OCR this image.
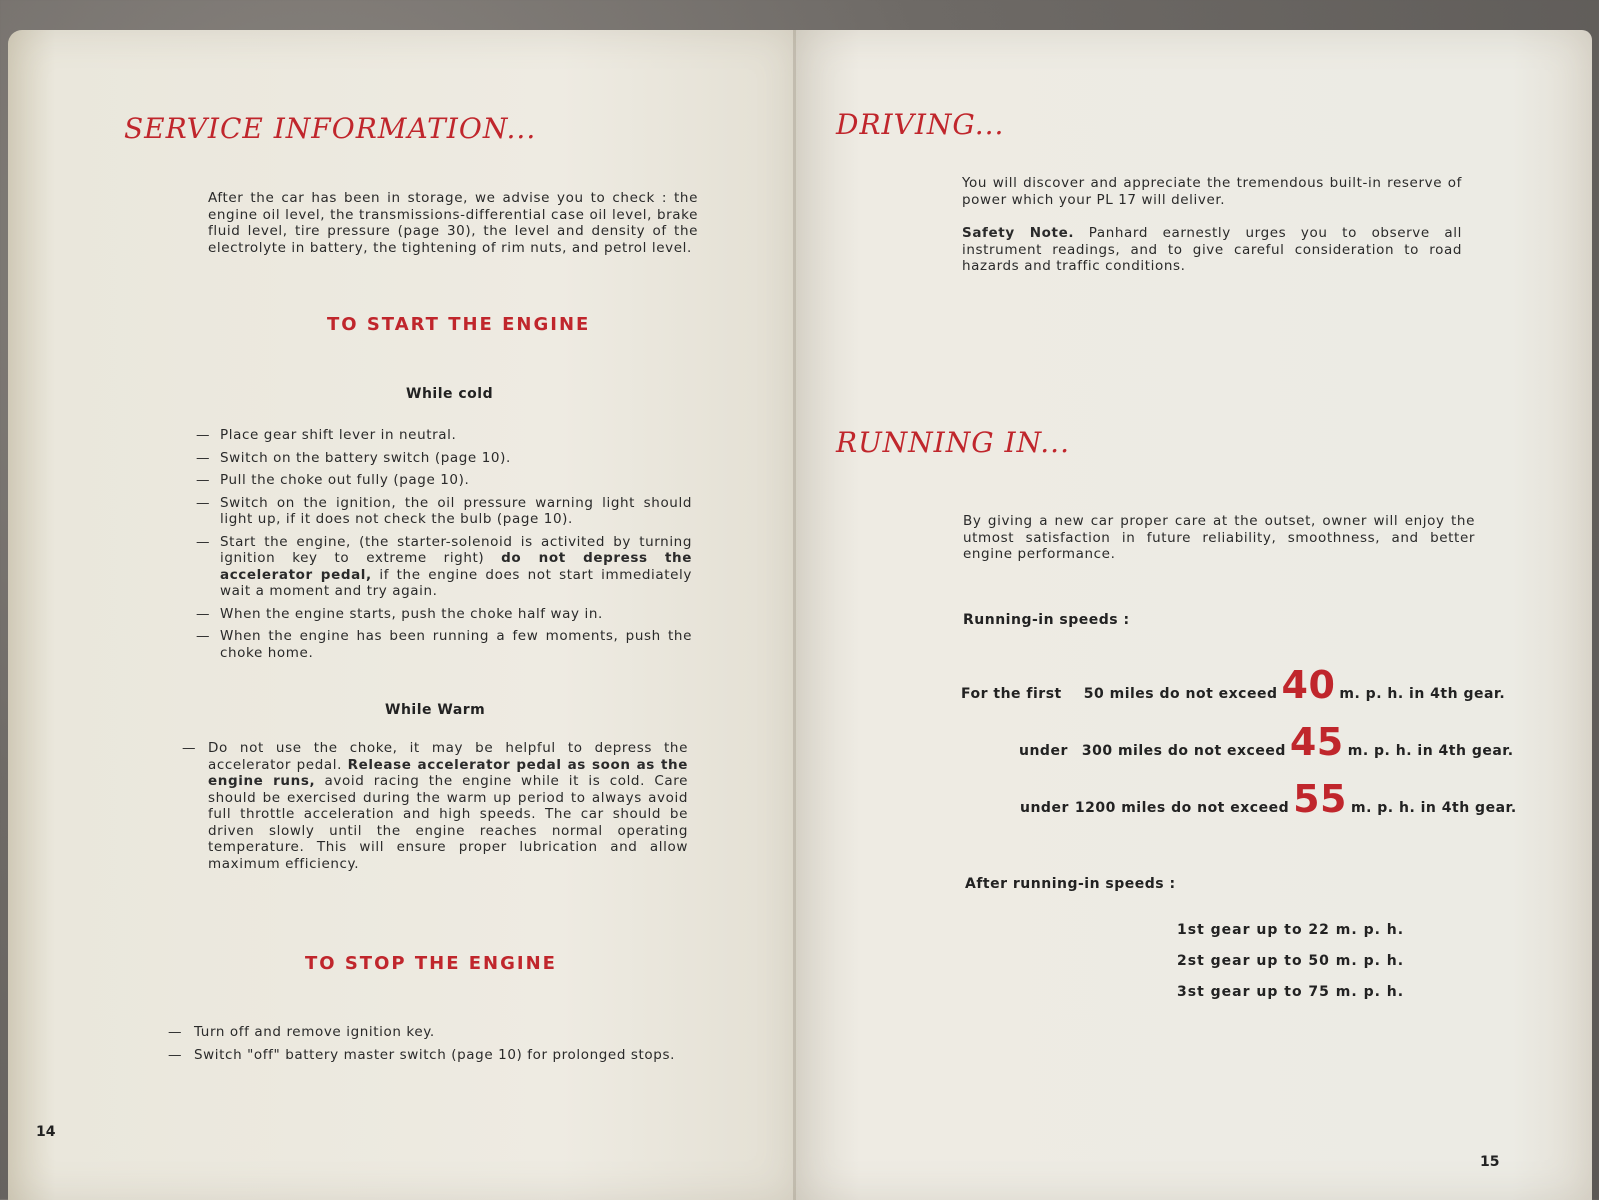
SERVICE INFORMATION...
After the car has been in storage, we advise you to check : the engine oil level, the transmissions-differential case oil level, brake fluid level, tire pressure (page 30), the level and density of the electrolyte in battery, the tightening of rim nuts, and petrol level.
TO START THE ENGINE
While cold
— Place gear shift lever in neutral.
— Switch on the battery switch (page 10).
— Pull the choke out fully (page 10).
— Switch on the ignition, the oil pressure warning light should light up, if it does not check the bulb (page 10).
— Start the engine, (the starter-solenoid is activited by turning ignition key to extreme right) do not depress the accelerator pedal, if the engine does not start immediately wait a moment and try again.
— When the engine starts, push the choke half way in.
— When the engine has been running a few moments, push the choke home.
While Warm
— Do not use the choke, it may be helpful to depress the accelerator pedal. Release accelerator pedal as soon as the engine runs, avoid racing the engine while it is cold. Care should be exercised during the warm up period to always avoid full throttle acceleration and high speeds. The car should be driven slowly until the engine reaches normal operating temperature. This will ensure proper lubrication and allow maximum efficiency.
TO STOP THE ENGINE
— Turn off and remove ignition key.
— Switch "off" battery master switch (page 10) for prolonged stops.
14
DRIVING...
You will discover and appreciate the tremendous built-in reserve of power which your PL 17 will deliver.
Safety Note. Panhard earnestly urges you to observe all instrument readings, and to give careful consideration to road hazards and traffic conditions.
RUNNING IN...
By giving a new car proper care at the outset, owner will enjoy the utmost satisfaction in future reliability, smoothness, and better engine performance.
Running-in speeds :
For the first 50 miles do not exceed 40 m. p. h. in 4th gear.
under 300 miles do not exceed 45 m. p. h. in 4th gear.
under 1200 miles do not exceed 55 m. p. h. in 4th gear.
After running-in speeds :
1st gear up to 22 m. p. h.
2st gear up to 50 m. p. h.
3st gear up to 75 m. p. h.
15
